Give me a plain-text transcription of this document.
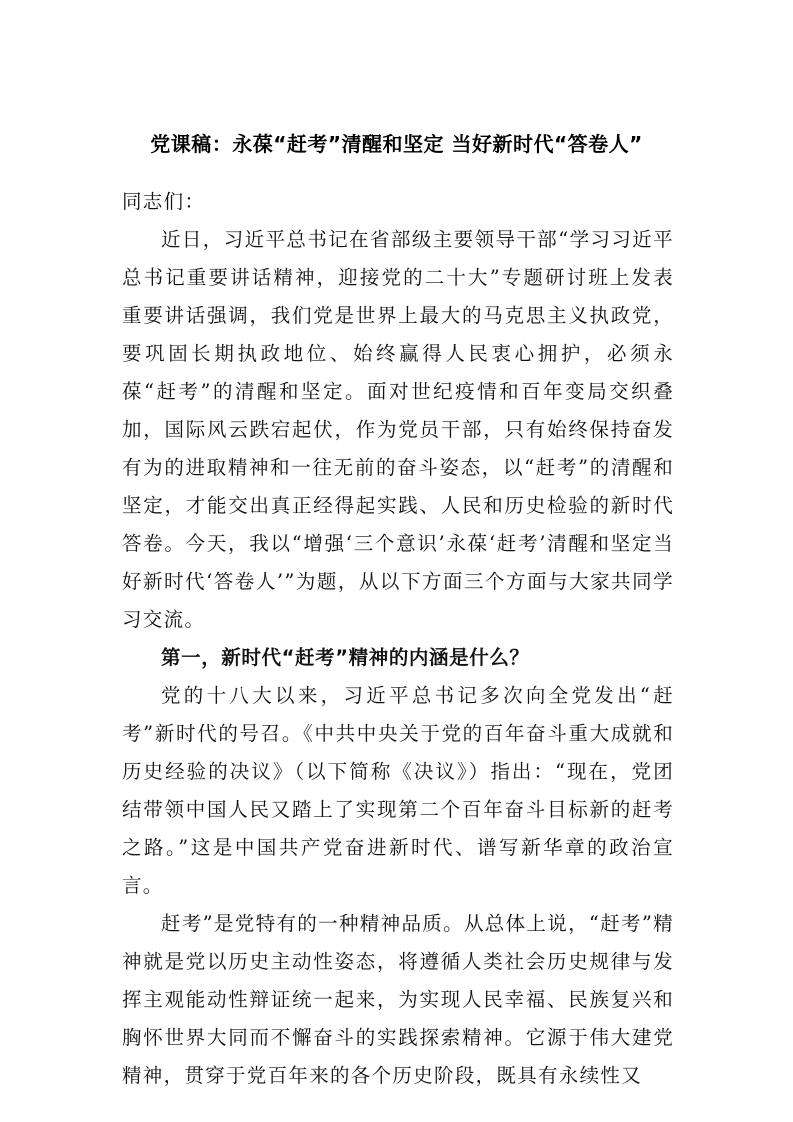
党课稿：永葆“赶考”清醒和坚定 当好新时代“答卷人”

同志们：

近日，习近平总书记在省部级主要领导干部“学习习近平总书记重要讲话精神，迎接党的二十大”专题研讨班上发表重要讲话强调，我们党是世界上最大的马克思主义执政党，要巩固长期执政地位、始终赢得人民衷心拥护，必须永葆“赶考”的清醒和坚定。面对世纪疫情和百年变局交织叠加，国际风云跌宕起伏，作为党员干部，只有始终保持奋发有为的进取精神和一往无前的奋斗姿态，以“赶考”的清醒和坚定，才能交出真正经得起实践、人民和历史检验的新时代答卷。今天，我以“增强‘三个意识’永葆‘赶考’清醒和坚定当好新时代‘答卷人’”为题，从以下方面三个方面与大家共同学习交流。

第一，新时代“赶考”精神的内涵是什么？

党的十八大以来，习近平总书记多次向全党发出“赶考”新时代的号召。《中共中央关于党的百年奋斗重大成就和历史经验的决议》（以下简称《决议》）指出：“现在，党团结带领中国人民又踏上了实现第二个百年奋斗目标新的赶考之路。”这是中国共产党奋进新时代、谱写新华章的政治宣言。

赶考”是党特有的一种精神品质。从总体上说，“赶考”精神就是党以历史主动性姿态，将遵循人类社会历史规律与发挥主观能动性辩证统一起来，为实现人民幸福、民族复兴和胸怀世界大同而不懈奋斗的实践探索精神。它源于伟大建党精神，贯穿于党百年来的各个历史阶段，既具有永续性又
